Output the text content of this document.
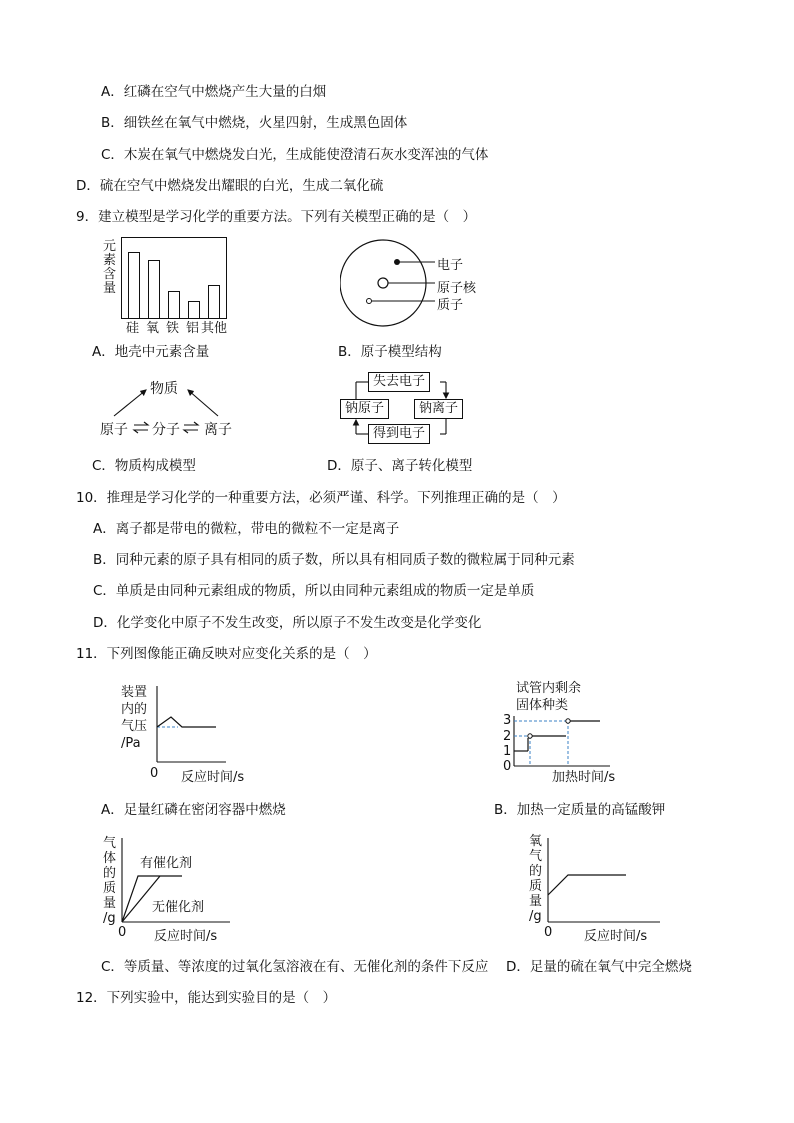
A．红磷在空气中燃烧产生大量的白烟
B．细铁丝在氧气中燃烧，火星四射，生成黑色固体
C．木炭在氧气中燃烧发白光，生成能使澄清石灰水变浑浊的气体
D．硫在空气中燃烧发出耀眼的白光，生成二氧化硫
9．建立模型是学习化学的重要方法。下列有关模型正确的是（　）
元
素
含
量
硅 氧 铁 铝 其他
A．地壳中元素含量
电子
原子核
质子
B．原子模型结构
物质
原子 分子 离子
C．物质构成模型
失去电子
钠原子	钠离子
得到电子
D．原子、离子转化模型
10．推理是学习化学的一种重要方法，必须严谨、科学。下列推理正确的是（　）
A．离子都是带电的微粒，带电的微粒不一定是离子
B．同种元素的原子具有相同的质子数，所以具有相同质子数的微粒属于同种元素
C．单质是由同种元素组成的物质，所以由同种元素组成的物质一定是单质
D．化学变化中原子不发生改变，所以原子不发生改变是化学变化
11．下列图像能正确反映对应变化关系的是（　）
装置
内的
气压
/Pa
0 反应时间/s
A．足量红磷在密闭容器中燃烧
试管内剩余
固体种类
3
2
1
0
加热时间/s
B．加热一定质量的高锰酸钾
气
体
的
质
量
/g
有催化剂
无催化剂
0 反应时间/s
C．等质量、等浓度的过氧化氢溶液在有、无催化剂的条件下反应
氧
气
的
质
量
/g
0 反应时间/s
D．足量的硫在氧气中完全燃烧
12．下列实验中，能达到实验目的是（　）
